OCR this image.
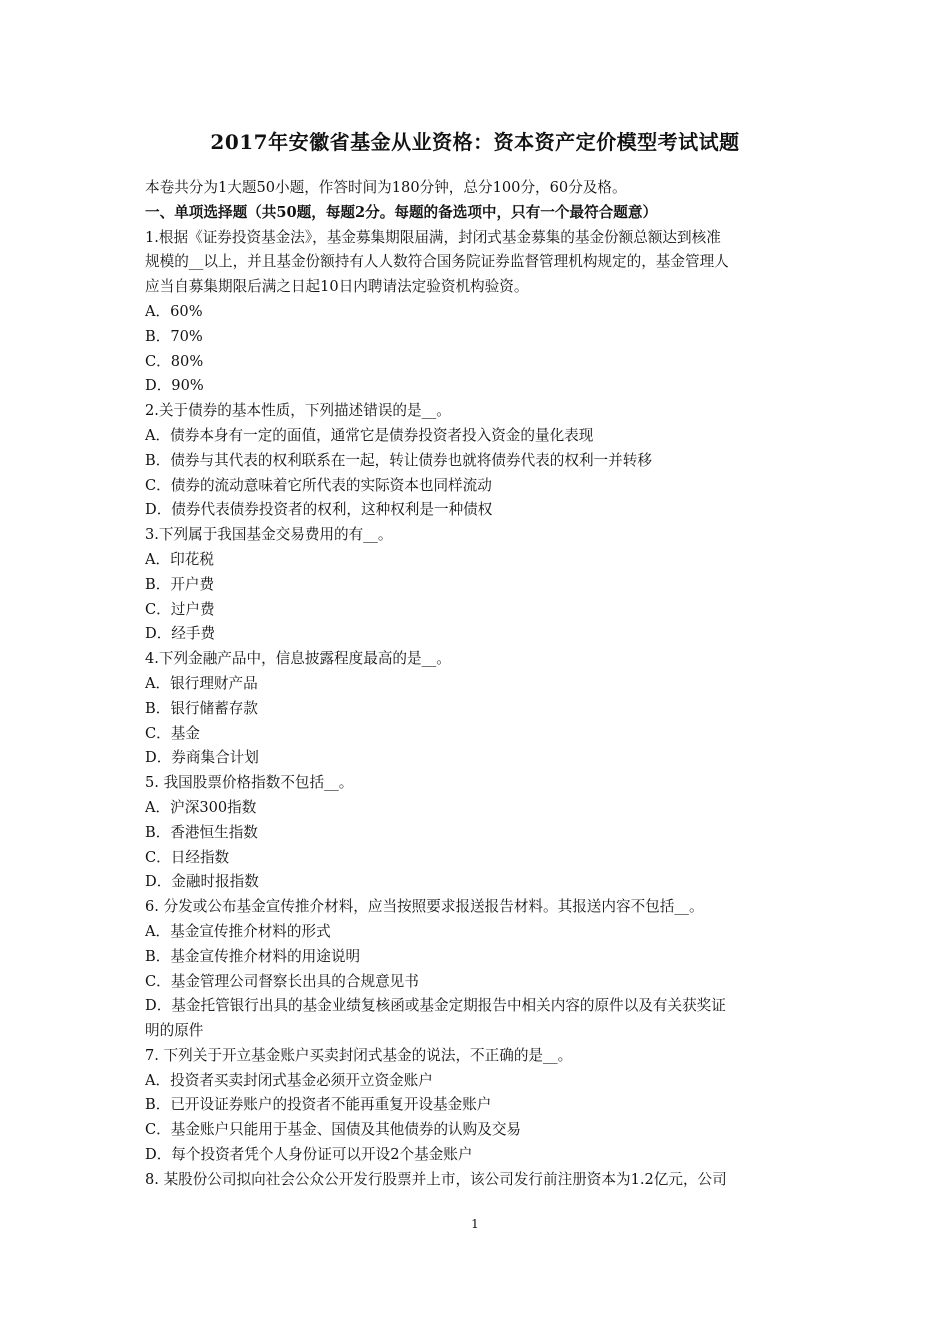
2017年安徽省基金从业资格：资本资产定价模型考试试题
本卷共分为1大题50小题，作答时间为180分钟，总分100分，60分及格。
一、单项选择题（共50题，每题2分。每题的备选项中，只有一个最符合题意）
1.根据《证券投资基金法》，基金募集期限届满，封闭式基金募集的基金份额总额达到核准
规模的__以上，并且基金份额持有人人数符合国务院证券监督管理机构规定的，基金管理人
应当自募集期限后满之日起10日内聘请法定验资机构验资。
A．60%
B．70%
C．80%
D．90%
2.关于债券的基本性质，下列描述错误的是__。
A．债券本身有一定的面值，通常它是债券投资者投入资金的量化表现
B．债券与其代表的权利联系在一起，转让债券也就将债券代表的权利一并转移
C．债券的流动意味着它所代表的实际资本也同样流动
D．债券代表债券投资者的权利，这种权利是一种债权
3.下列属于我国基金交易费用的有__。
A．印花税
B．开户费
C．过户费
D．经手费
4.下列金融产品中，信息披露程度最高的是__。
A．银行理财产品
B．银行储蓄存款
C．基金
D．券商集合计划
5. 我国股票价格指数不包括__。
A．沪深300指数
B．香港恒生指数
C．日经指数
D．金融时报指数
6. 分发或公布基金宣传推介材料，应当按照要求报送报告材料。其报送内容不包括__。
A．基金宣传推介材料的形式
B．基金宣传推介材料的用途说明
C．基金管理公司督察长出具的合规意见书
D．基金托管银行出具的基金业绩复核函或基金定期报告中相关内容的原件以及有关获奖证
明的原件
7. 下列关于开立基金账户买卖封闭式基金的说法，不正确的是__。
A．投资者买卖封闭式基金必须开立资金账户
B．已开设证券账户的投资者不能再重复开设基金账户
C．基金账户只能用于基金、国债及其他债券的认购及交易
D．每个投资者凭个人身份证可以开设2个基金账户
8. 某股份公司拟向社会公众公开发行股票并上市，该公司发行前注册资本为1.2亿元，公司
1
